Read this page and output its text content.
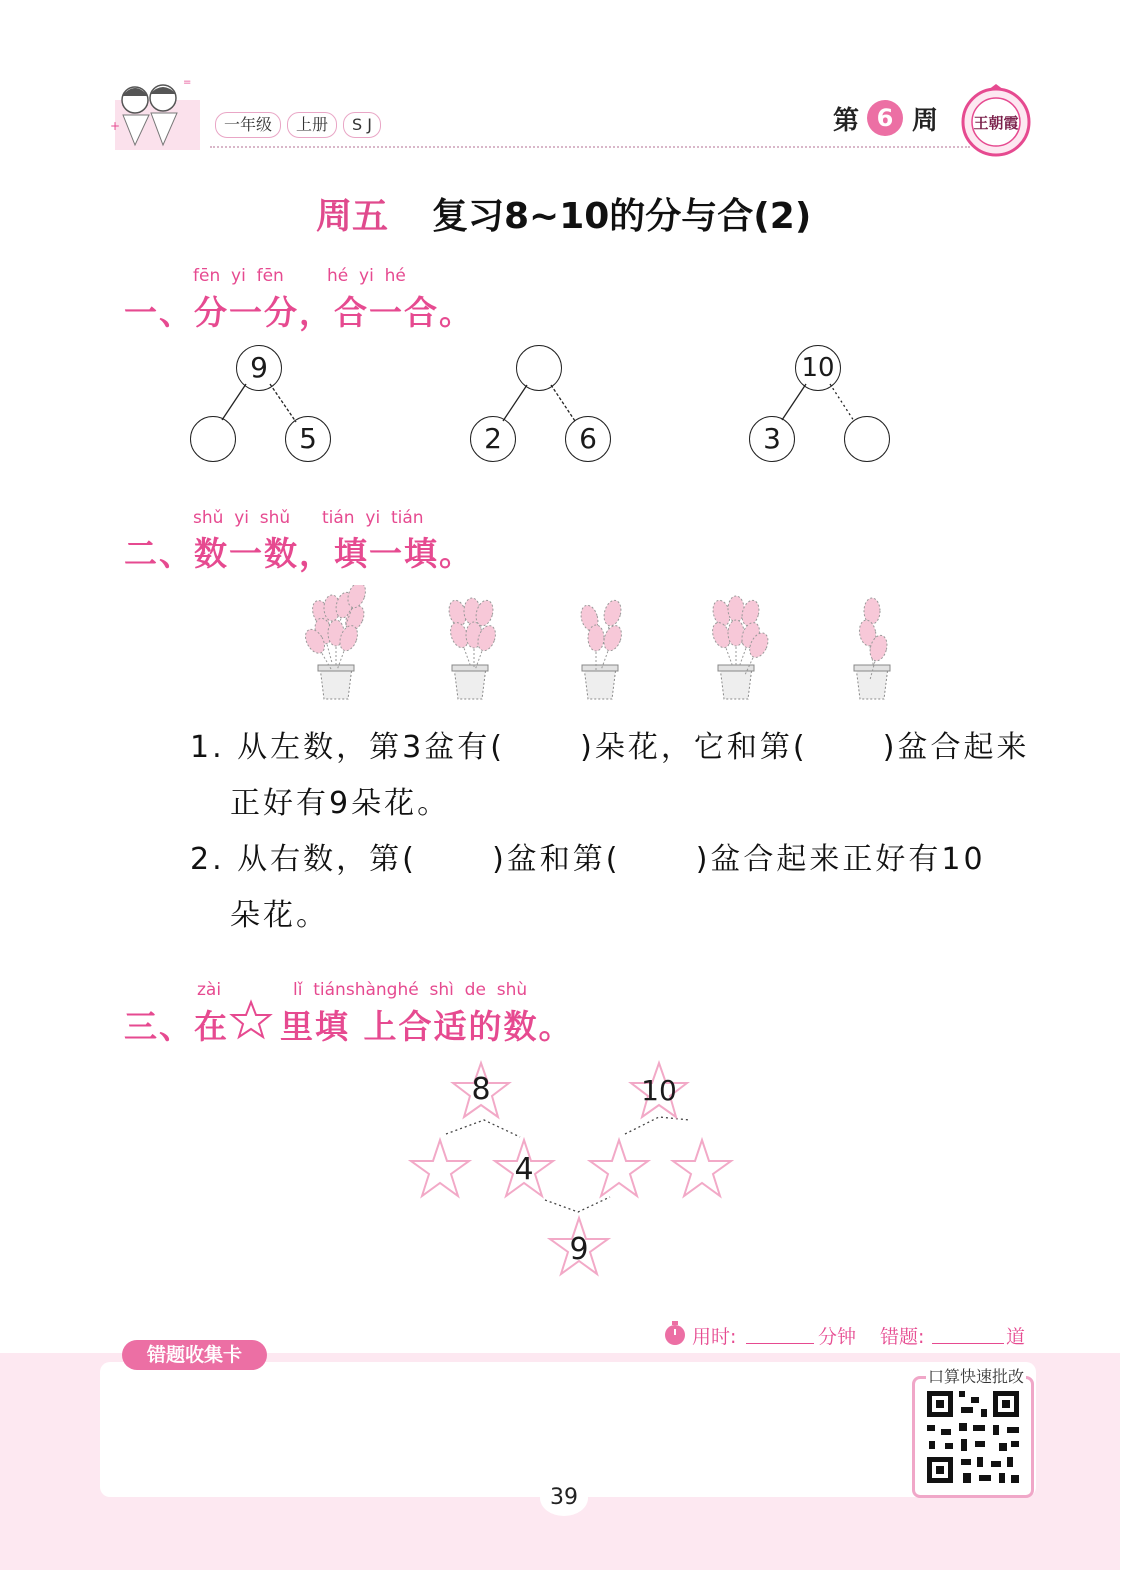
+
=
一年级	上册	S J	第 6 周 王朝霞
周五 复习8~10的分与合(2)
fēn  yi  fēn	hé  yi  hé
一、分一分，合一合。
9
5	2	6
10
3
shǔ  yi  shǔ tián  yi  tián
二、数一数，填一填。
1. 从左数，第3盆有(      )朵花，它和第(      )盆合起来
正好有9朵花。
2. 从右数，第(      )盆和第(      )盆合起来正好有10
朵花。
zài	lǐ  tiánshànghé  shì  de  shù
三、在 里填 上合适的数。
8	10
4
9
用时:	分钟 错题:	道
错题收集卡
口算快速批改
39
